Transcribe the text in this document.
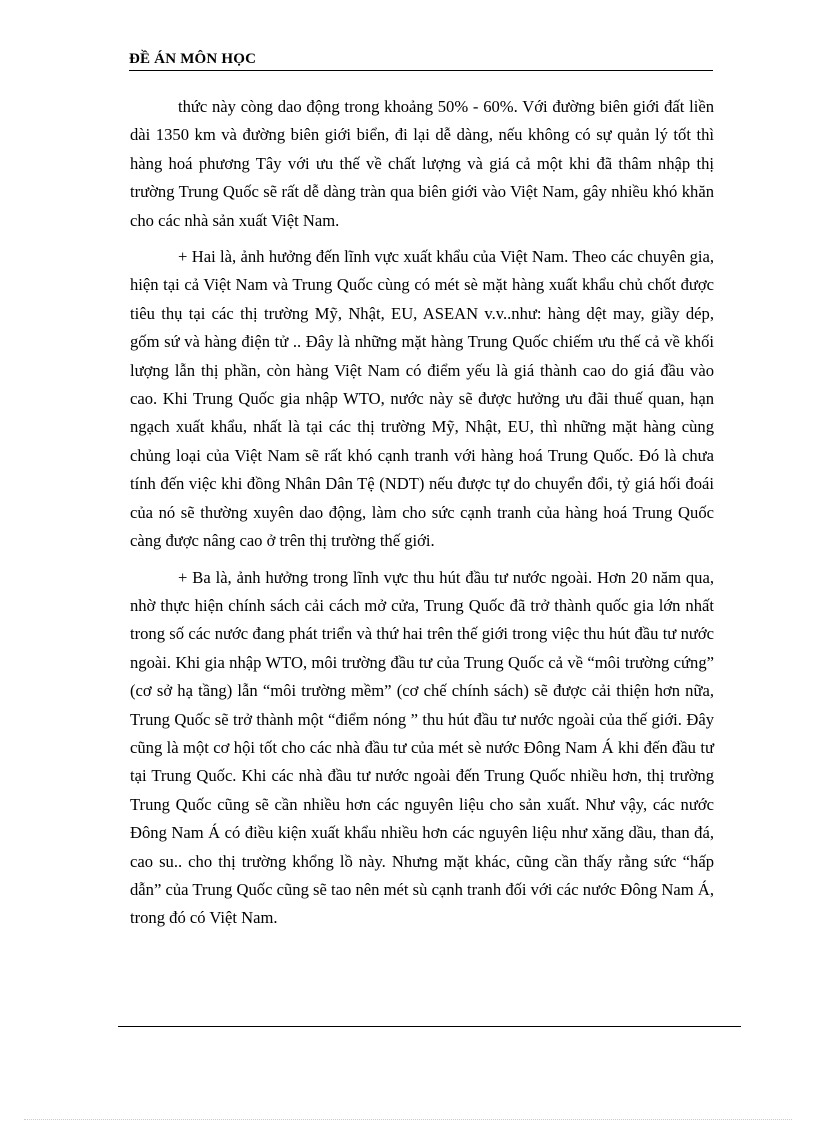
ĐỀ ÁN MÔN HỌC

thức này còng dao động trong khoảng 50% - 60%. Với đường biên giới đất liền dài 1350 km và đường biên giới biển, đi lại dễ dàng, nếu không có sự quản lý tốt thì hàng hoá phương Tây với ưu thế về chất lượng và giá cả một khi đã thâm nhập thị trường Trung Quốc sẽ rất dễ dàng tràn qua biên giới vào Việt Nam, gây nhiều khó khăn cho các nhà sản xuất Việt Nam.

+ Hai là, ảnh hưởng đến lĩnh vực xuất khẩu của Việt Nam. Theo các chuyên gia, hiện tại cả Việt Nam và Trung Quốc cùng có mét sè mặt hàng xuất khẩu chủ chốt được tiêu thụ tại các thị trường Mỹ, Nhật, EU, ASEAN v.v..như: hàng dệt may, giầy dép, gốm sứ và hàng điện tử .. Đây là những mặt hàng Trung Quốc chiếm ưu thế cả về khối lượng lẫn thị phần, còn hàng Việt Nam có điểm yếu là giá thành cao do giá đầu vào cao. Khi Trung Quốc gia nhập WTO, nước này sẽ được hưởng ưu đãi thuế quan, hạn ngạch xuất khẩu, nhất là tại các thị trường Mỹ, Nhật, EU, thì những mặt hàng cùng chủng loại của Việt Nam sẽ rất khó cạnh tranh với hàng hoá Trung Quốc. Đó là chưa tính đến việc khi đồng Nhân Dân Tệ (NDT) nếu được tự do chuyển đổi, tỷ giá hối đoái của nó sẽ thường xuyên dao động, làm cho sức cạnh tranh của hàng hoá Trung Quốc càng được nâng cao ở trên thị trường thế giới.

+ Ba là, ảnh hưởng trong lĩnh vực thu hút đầu tư nước ngoài. Hơn 20 năm qua, nhờ thực hiện chính sách cải cách mở cửa, Trung Quốc đã trở thành quốc gia lớn nhất trong số các nước đang phát triển và thứ hai trên thế giới trong việc thu hút đầu tư nước ngoài. Khi gia nhập WTO, môi trường đầu tư của Trung Quốc cả về “môi trường cứng” (cơ sở hạ tầng) lẫn “môi trường mềm” (cơ chế chính sách) sẽ được cải thiện hơn nữa, Trung Quốc sẽ trở thành một “điểm nóng ” thu hút đầu tư nước ngoài của thế giới. Đây cũng là một cơ hội tốt cho các nhà đầu tư của mét sè nước Đông Nam Á khi đến đầu tư tại Trung Quốc. Khi các nhà đầu tư nước ngoài đến Trung Quốc nhiều hơn, thị trường Trung Quốc cũng sẽ cần nhiều hơn các nguyên liệu cho sản xuất. Như vậy, các nước Đông Nam Á có điều kiện xuất khẩu nhiều hơn các nguyên liệu như xăng dầu, than đá, cao su.. cho thị trường khổng lồ này. Nhưng mặt khác, cũng cần thấy rằng sức “hấp dẫn” của Trung Quốc cũng sẽ tao nên mét sù cạnh tranh đối với các nước Đông Nam Á, trong đó có Việt Nam.
